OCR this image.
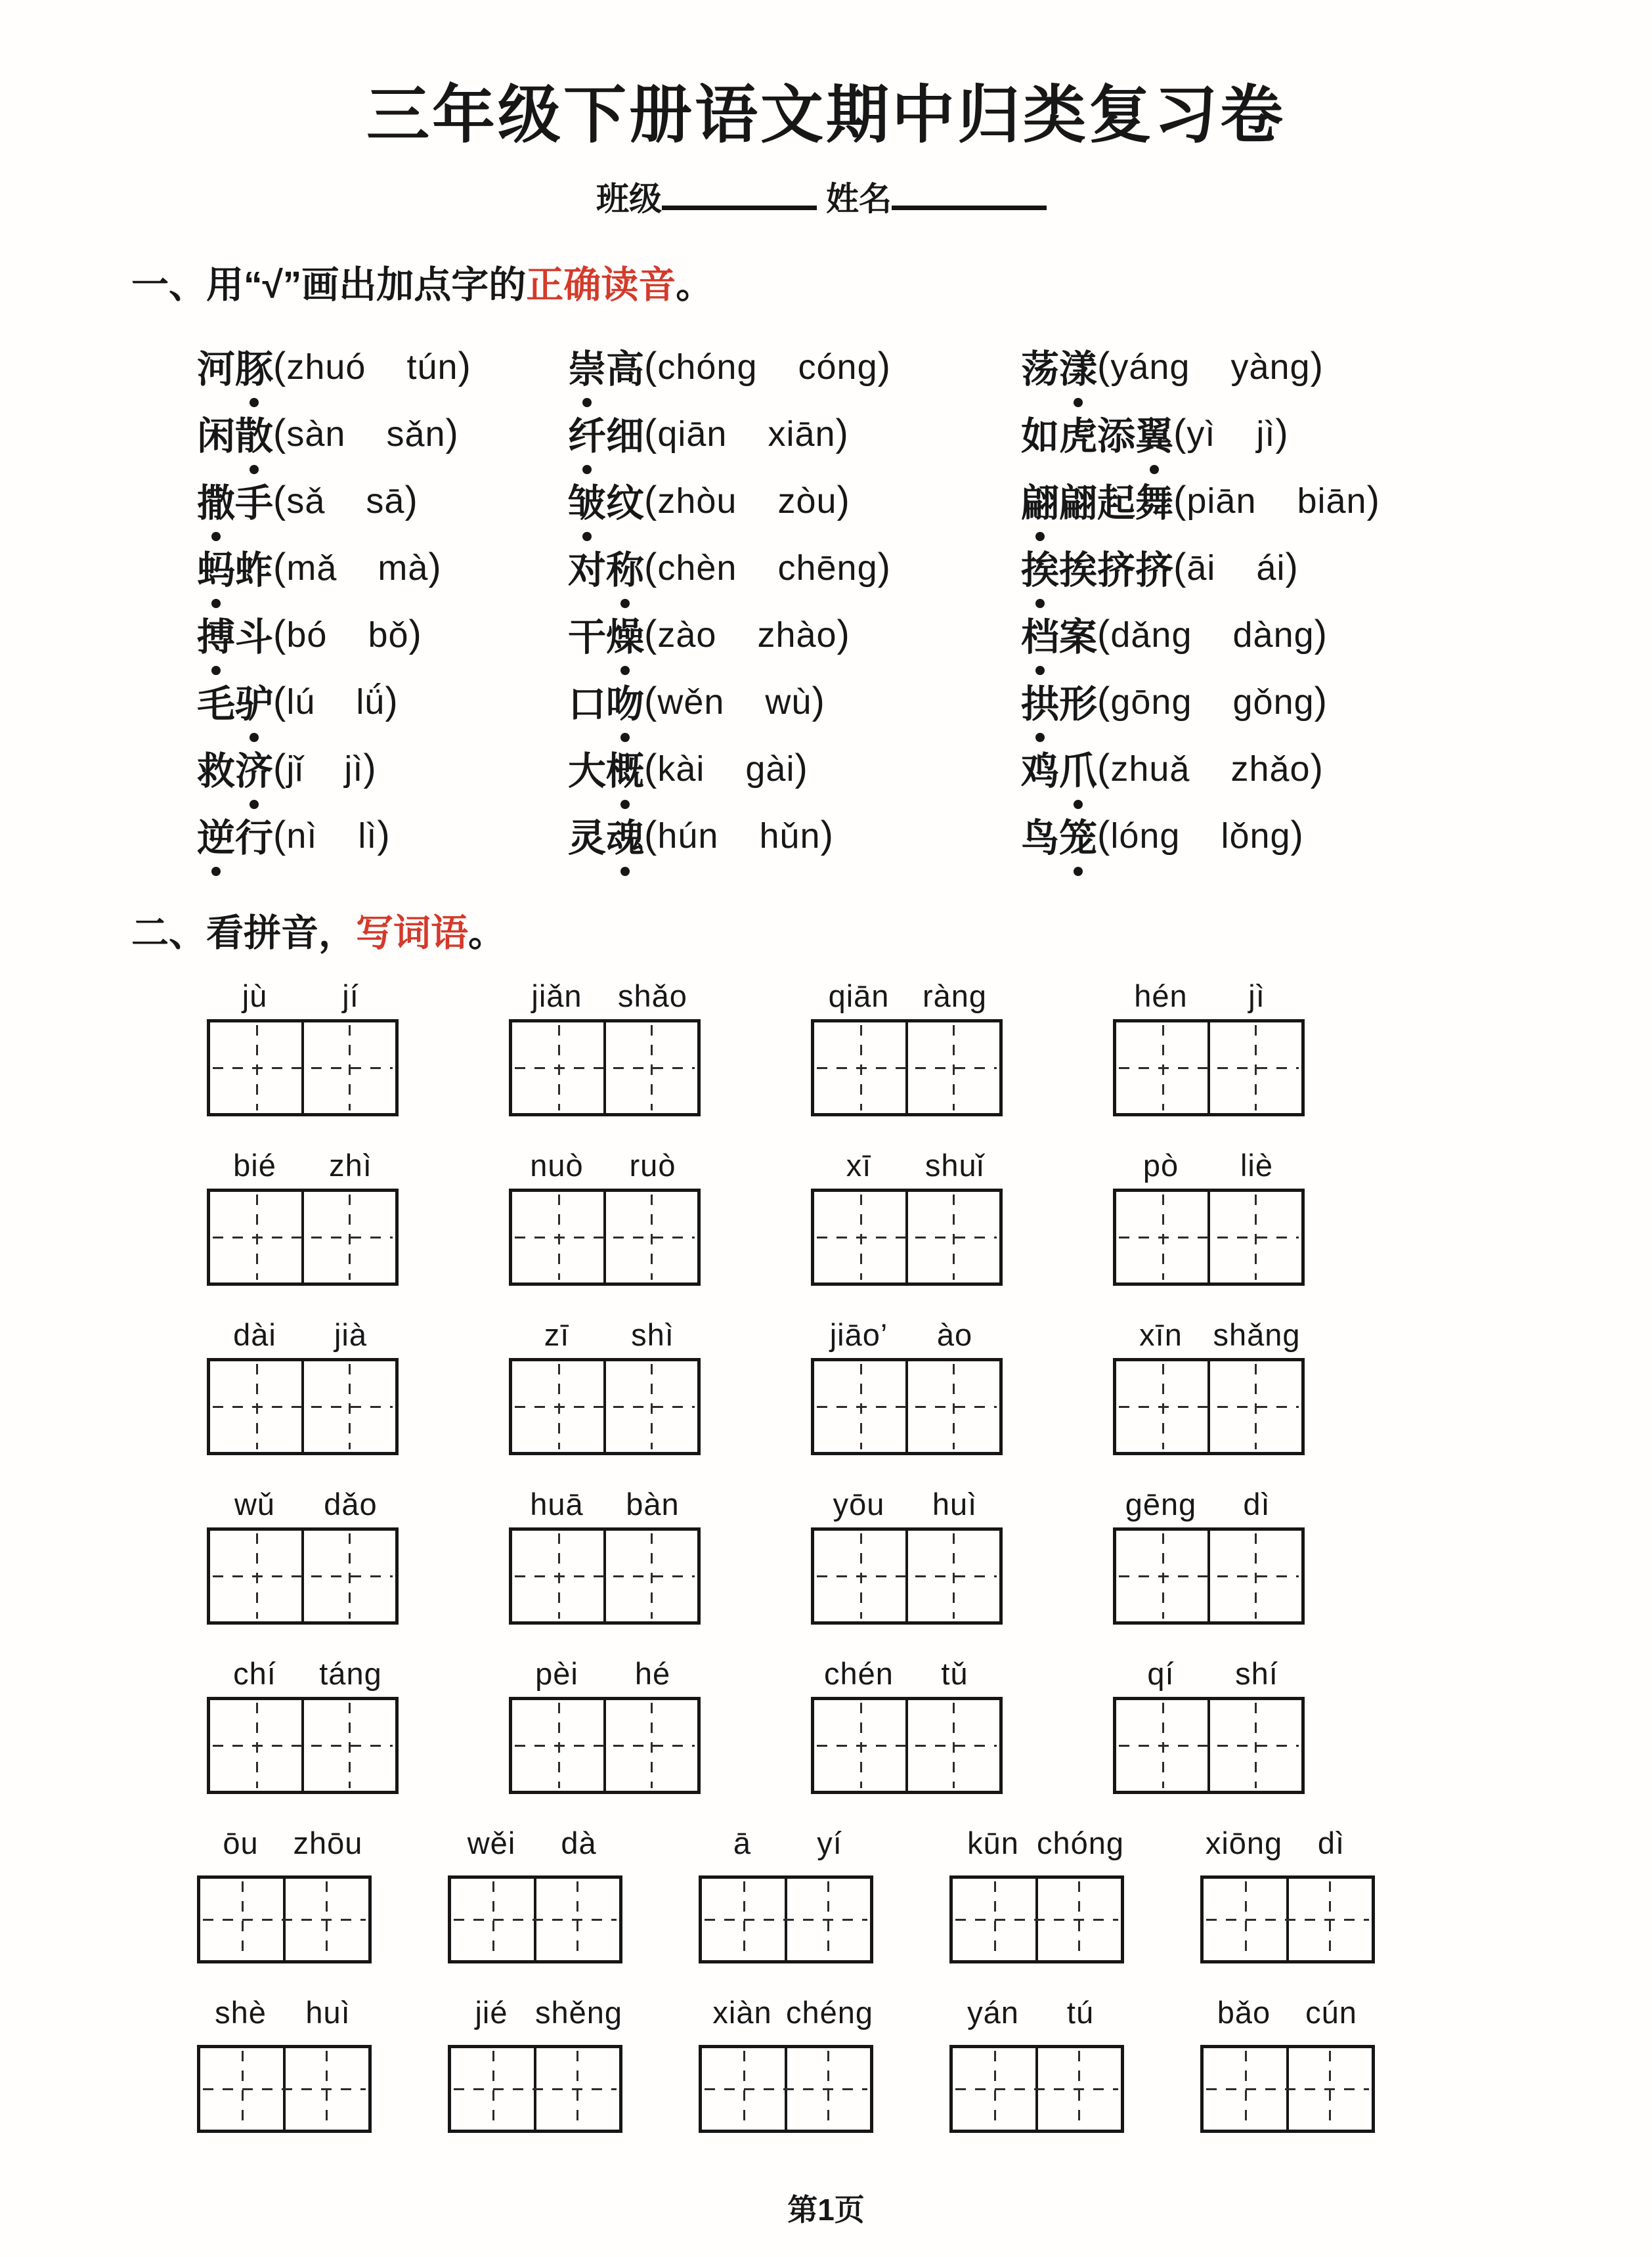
三年级下册语文期中归类复习卷
班级	姓名
一、用“√”画出加点字的正确读音。
河 豚 (zhuó tún)	崇 高 (chóng cóng)	荡 漾 (yáng yàng)
闲 散 (sàn sǎn)	纤 细 (qiān xiān)	如 虎 添 翼 (yì jì)
撒 手 (sǎ sā)	皱 纹 (zhòu zòu)	翩 翩 起 舞 (piān biān)
蚂 蚱 (mǎ mà)	对 称 (chèn chēng)	挨 挨 挤 挤 (āi ái)
搏 斗 (bó bǒ)	干 燥 (zào zhào)	档 案 (dǎng dàng)
毛 驴 (lú lǘ)	口 吻 (wěn wù)	拱 形 (gōng gǒng)
救 济 (jǐ jì)	大 概 (kài gài)	鸡 爪 (zhuǎ zhǎo)
逆 行 (nì lì)	灵 魂 (hún hǔn)	鸟 笼 (lóng lǒng)
二、看拼音，写词语。
jù	jí	jiǎn	shǎo	qiān	ràng	hén	jì
bié	zhì	nuò	ruò	xī	shuǐ	pò	liè
dài	jià	zī	shì	jiāo’	ào	xīn shǎng
wǔ	dǎo	huā	bàn	yōu	huì	gēng	dì
chí	táng	pèi	hé	chén	tǔ	qí	shí
ōu	zhōu	wěi	dà	ā	yí	kūn chóng	xiōng	dì
shè	huì	jié shěng	xiàn chéng	yán	tú	bǎo	cún
第1页
